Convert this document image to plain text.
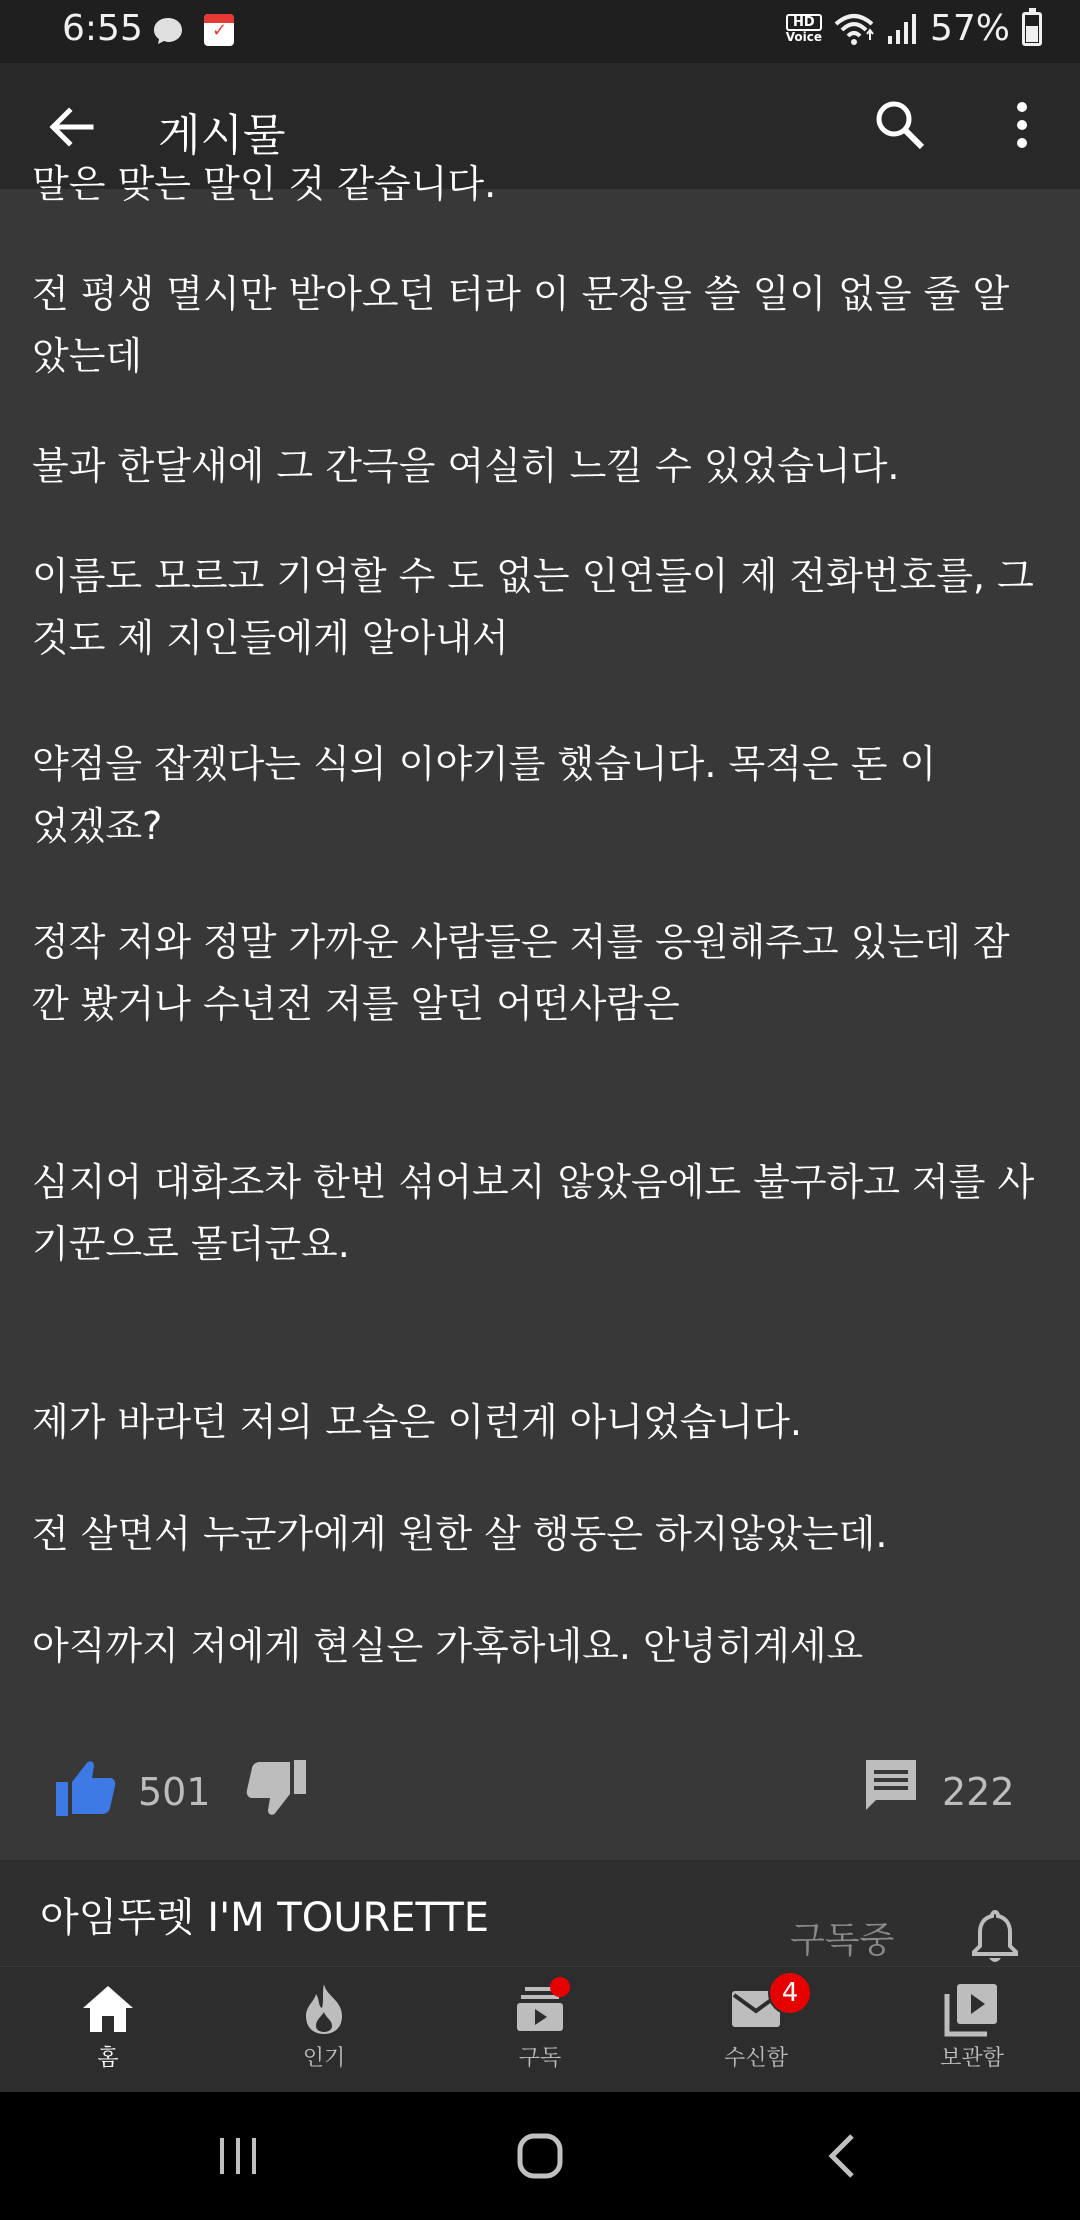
6:55
✓	HD
Voice	57%
게시물

말은 맞는 말인 것 같습니다.

전 평생 멸시만 받아오던 터라 이 문장을 쓸 일이 없을 줄 알았는데

불과 한달새에 그 간극을 여실히 느낄 수 있었습니다.

이름도 모르고 기억할 수 도 없는 인연들이 제 전화번호를, 그것도 제 지인들에게 알아내서

약점을 잡겠다는 식의 이야기를 했습니다. 목적은 돈 이었겠죠?

정작 저와 정말 가까운 사람들은 저를 응원해주고 있는데 잠깐 봤거나 수년전 저를 알던 어떤사람은

심지어 대화조차 한번 섞어보지 않았음에도 불구하고 저를 사기꾼으로 몰더군요.

제가 바라던 저의 모습은 이런게 아니었습니다.

전 살면서 누군가에게 원한 살 행동은 하지않았는데.

아직까지 저에게 현실은 가혹하네요. 안녕히계세요

501	222
아임뚜렛 I'M TOURETTE	구독중
홈	인기	구독
4
수신함	보관함
